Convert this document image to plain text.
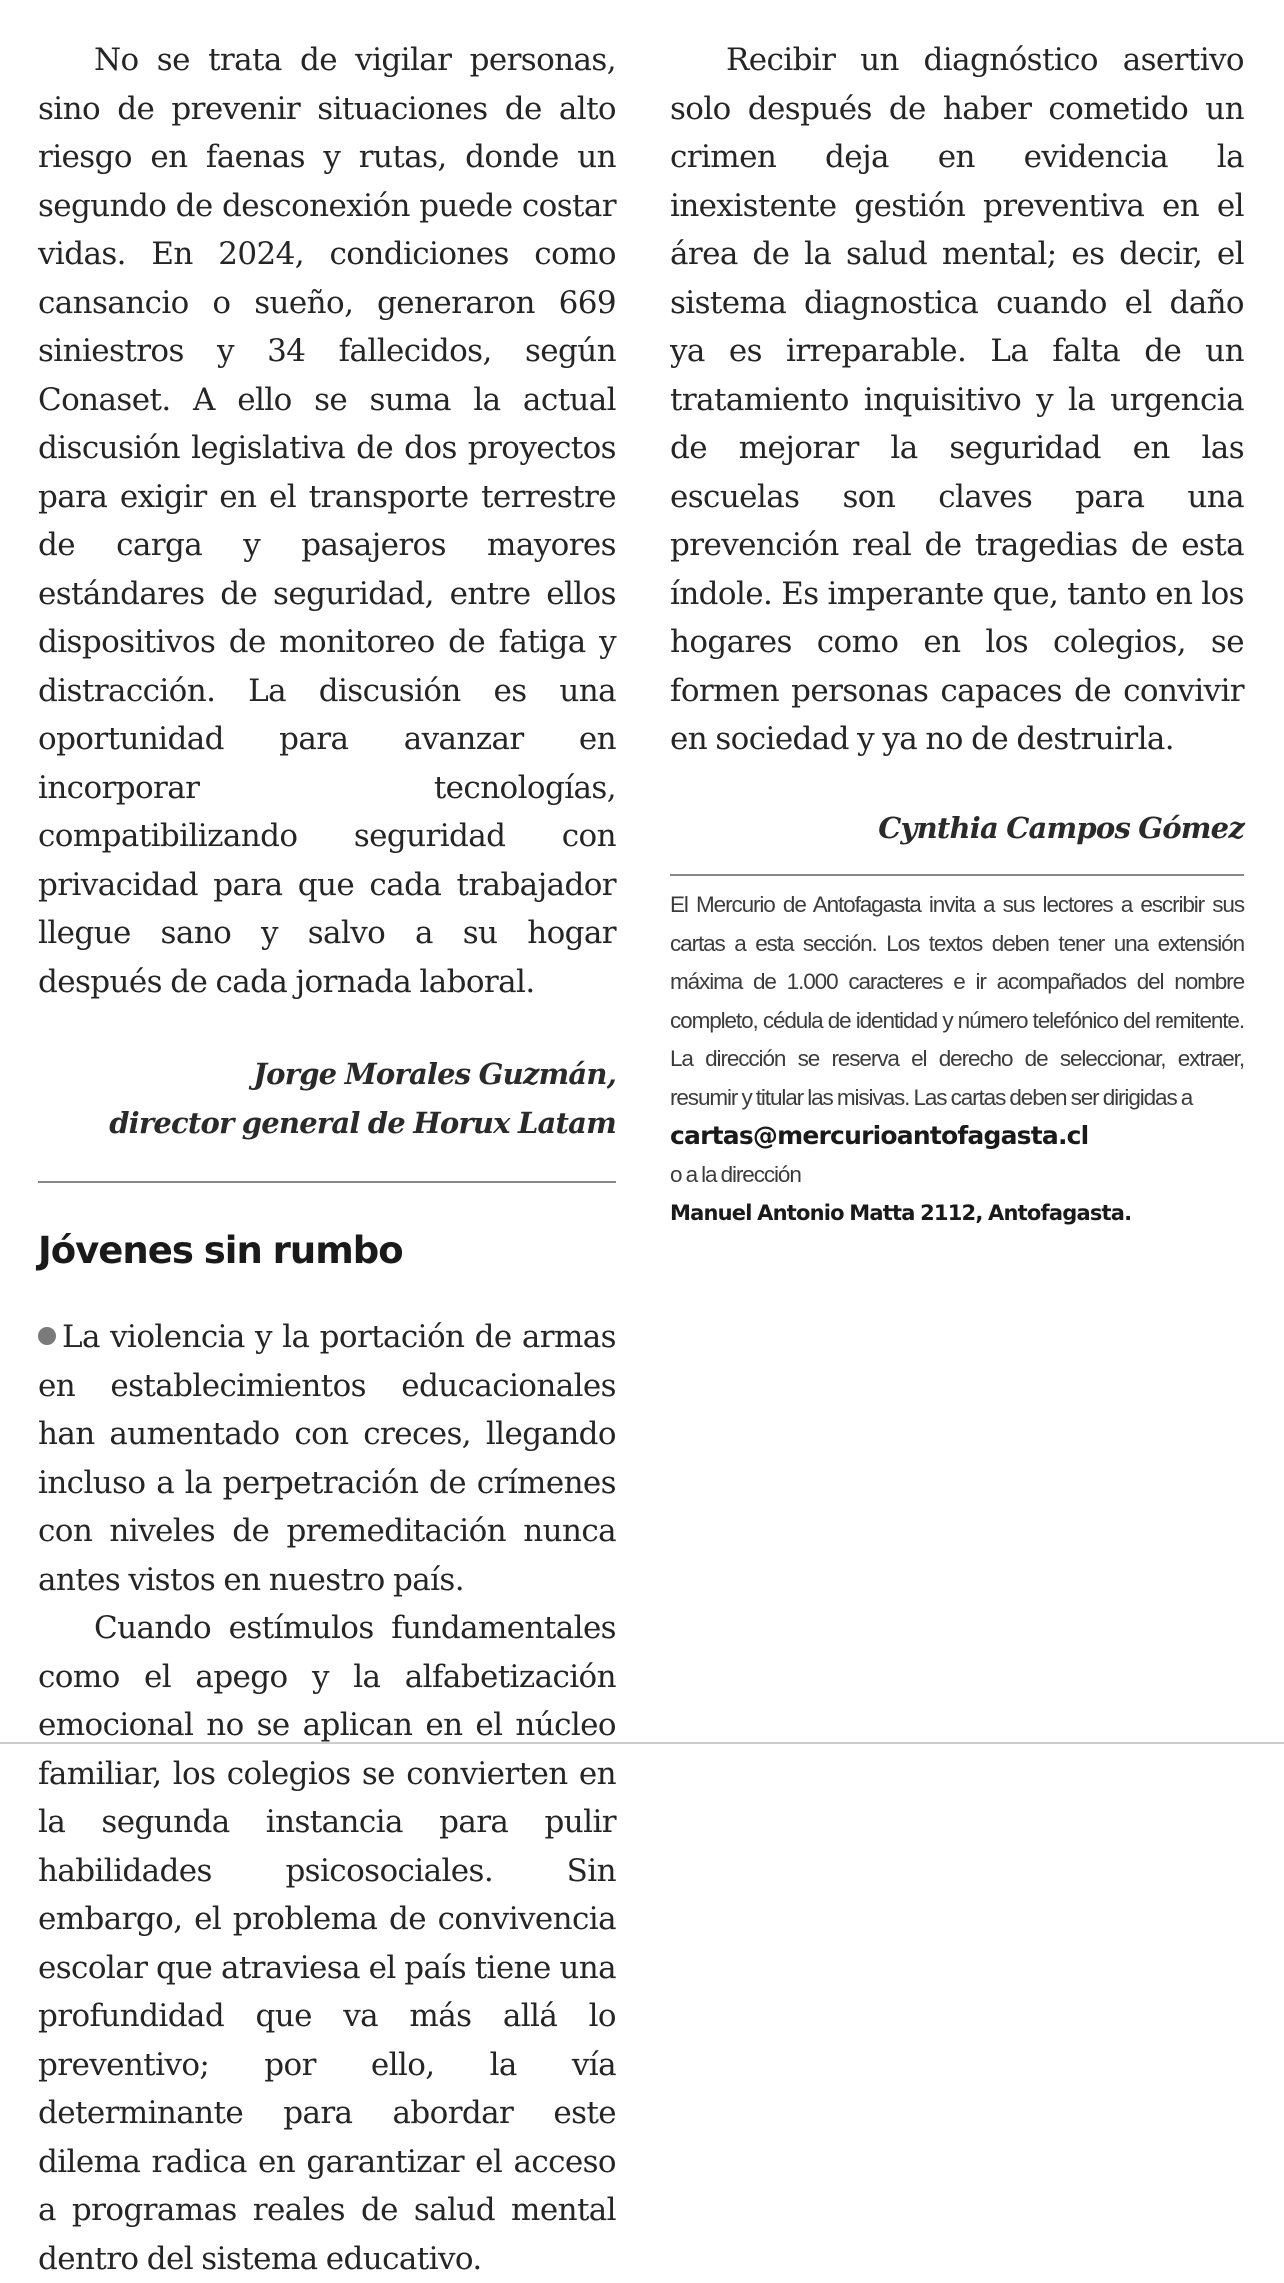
No se trata de vigilar personas, sino de prevenir situaciones de alto riesgo en faenas y rutas, donde un segundo de desconexión puede costar vidas. En 2024, condiciones como cansancio o sueño, generaron 669 siniestros y 34 fallecidos, según Conaset. A ello se suma la actual discusión legislativa de dos proyectos para exigir en el transporte terrestre de carga y pasajeros mayores estándares de seguridad, entre ellos dispositivos de monitoreo de fatiga y distracción. La discusión es una oportunidad para avanzar en incorporar tecnologías, compatibilizando seguridad con privacidad para que cada trabajador llegue sano y salvo a su hogar después de cada jornada laboral.

Jorge Morales Guzmán,
director general de Horux Latam
Jóvenes sin rumbo

La violencia y la portación de armas en establecimientos educacionales han aumentado con creces, llegando incluso a la perpetración de crímenes con niveles de premeditación nunca antes vistos en nuestro país.

Cuando estímulos fundamentales como el apego y la alfabetización emocional no se aplican en el núcleo familiar, los colegios se convierten en la segunda instancia para pulir habilidades psicosociales. Sin embargo, el problema de convivencia escolar que atraviesa el país tiene una profundidad que va más allá lo preventivo; por ello, la vía determinante para abordar este dilema radica en garantizar el acceso a programas reales de salud mental dentro del sistema educativo.

Recibir un diagnóstico asertivo solo después de haber cometido un crimen deja en evidencia la inexistente gestión preventiva en el área de la salud mental; es decir, el sistema diagnostica cuando el daño ya es irreparable. La falta de un tratamiento inquisitivo y la urgencia de mejorar la seguridad en las escuelas son claves para una prevención real de tragedias de esta índole. Es imperante que, tanto en los hogares como en los colegios, se formen personas capaces de convivir en sociedad y ya no de destruirla.

Cynthia Campos Gómez
El Mercurio de Antofagasta invita a sus lectores a escribir sus cartas a esta sección. Los textos deben tener una extensión máxima de 1.000 caracteres e ir acompañados del nombre completo, cédula de identidad y número telefónico del remitente. La dirección se reserva el derecho de seleccionar, extraer, resumir y titular las misivas. Las cartas deben ser dirigidas a
cartas@mercurioantofagasta.cl
o a la dirección
Manuel Antonio Matta 2112, Antofagasta.
